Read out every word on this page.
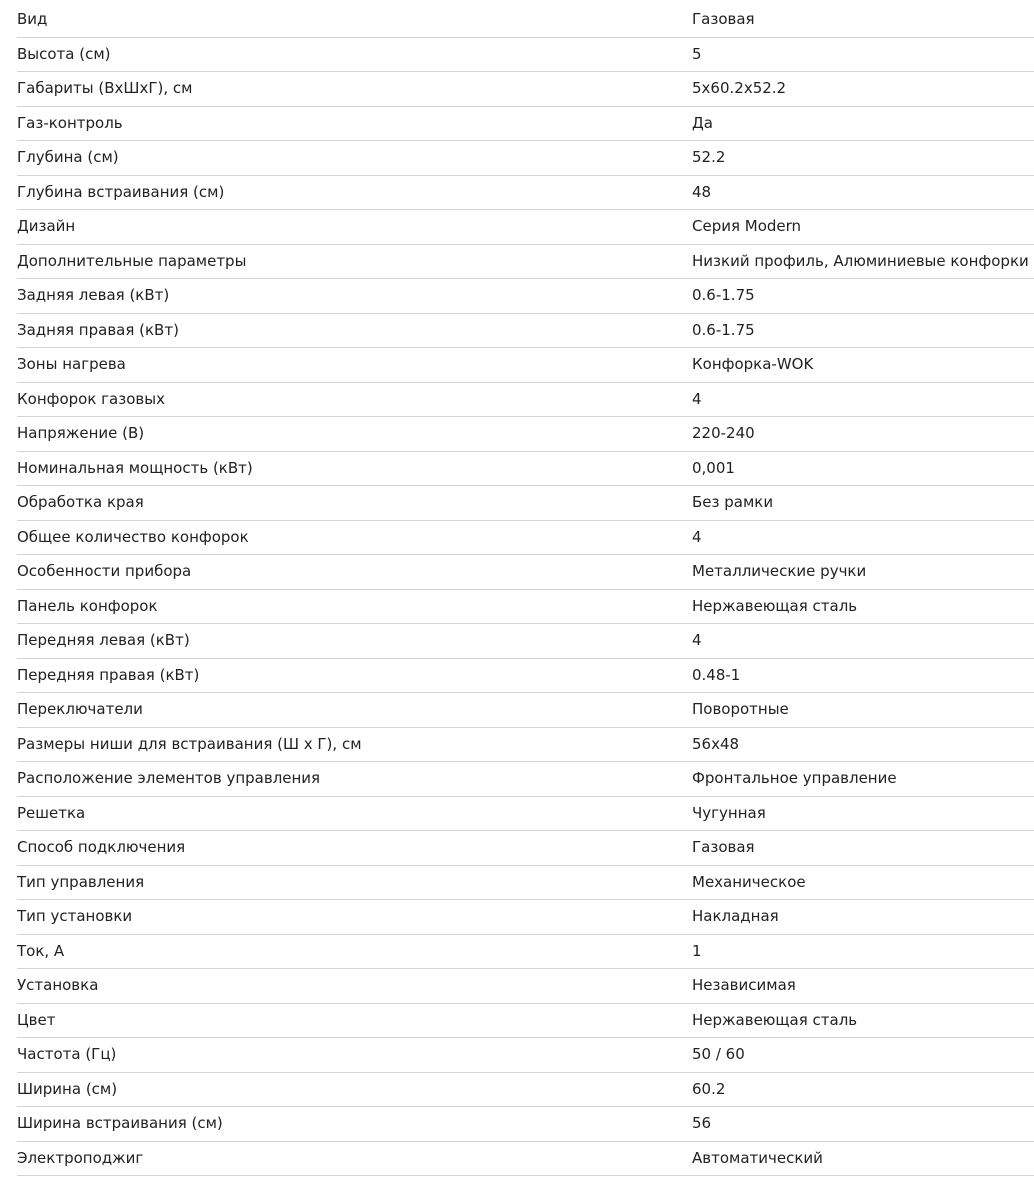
Вид	Газовая
Высота (см)	5
Габариты (ВхШхГ), см	5x60.2x52.2
Газ-контроль	Да
Глубина (см)	52.2
Глубина встраивания (см)	48
Дизайн	Серия Modern
Дополнительные параметры	Низкий профиль, Алюминиевые конфорки
Задняя левая (кВт)	0.6-1.75
Задняя правая (кВт)	0.6-1.75
Зоны нагрева	Конфорка-WOK
Конфорок газовых	4
Напряжение (В)	220-240
Номинальная мощность (кВт)	0,001
Обработка края	Без рамки
Общее количество конфорок	4
Особенности прибора	Металлические ручки
Панель конфорок	Нержавеющая сталь
Передняя левая (кВт)	4
Передняя правая (кВт)	0.48-1
Переключатели	Поворотные
Размеры ниши для встраивания (Ш x Г), см	56x48
Расположение элементов управления	Фронтальное управление
Решетка	Чугунная
Способ подключения	Газовая
Тип управления	Механическое
Тип установки	Накладная
Ток, А	1
Установка	Независимая
Цвет	Нержавеющая сталь
Частота (Гц)	50 / 60
Ширина (см)	60.2
Ширина встраивания (см)	56
Электроподжиг	Автоматический
